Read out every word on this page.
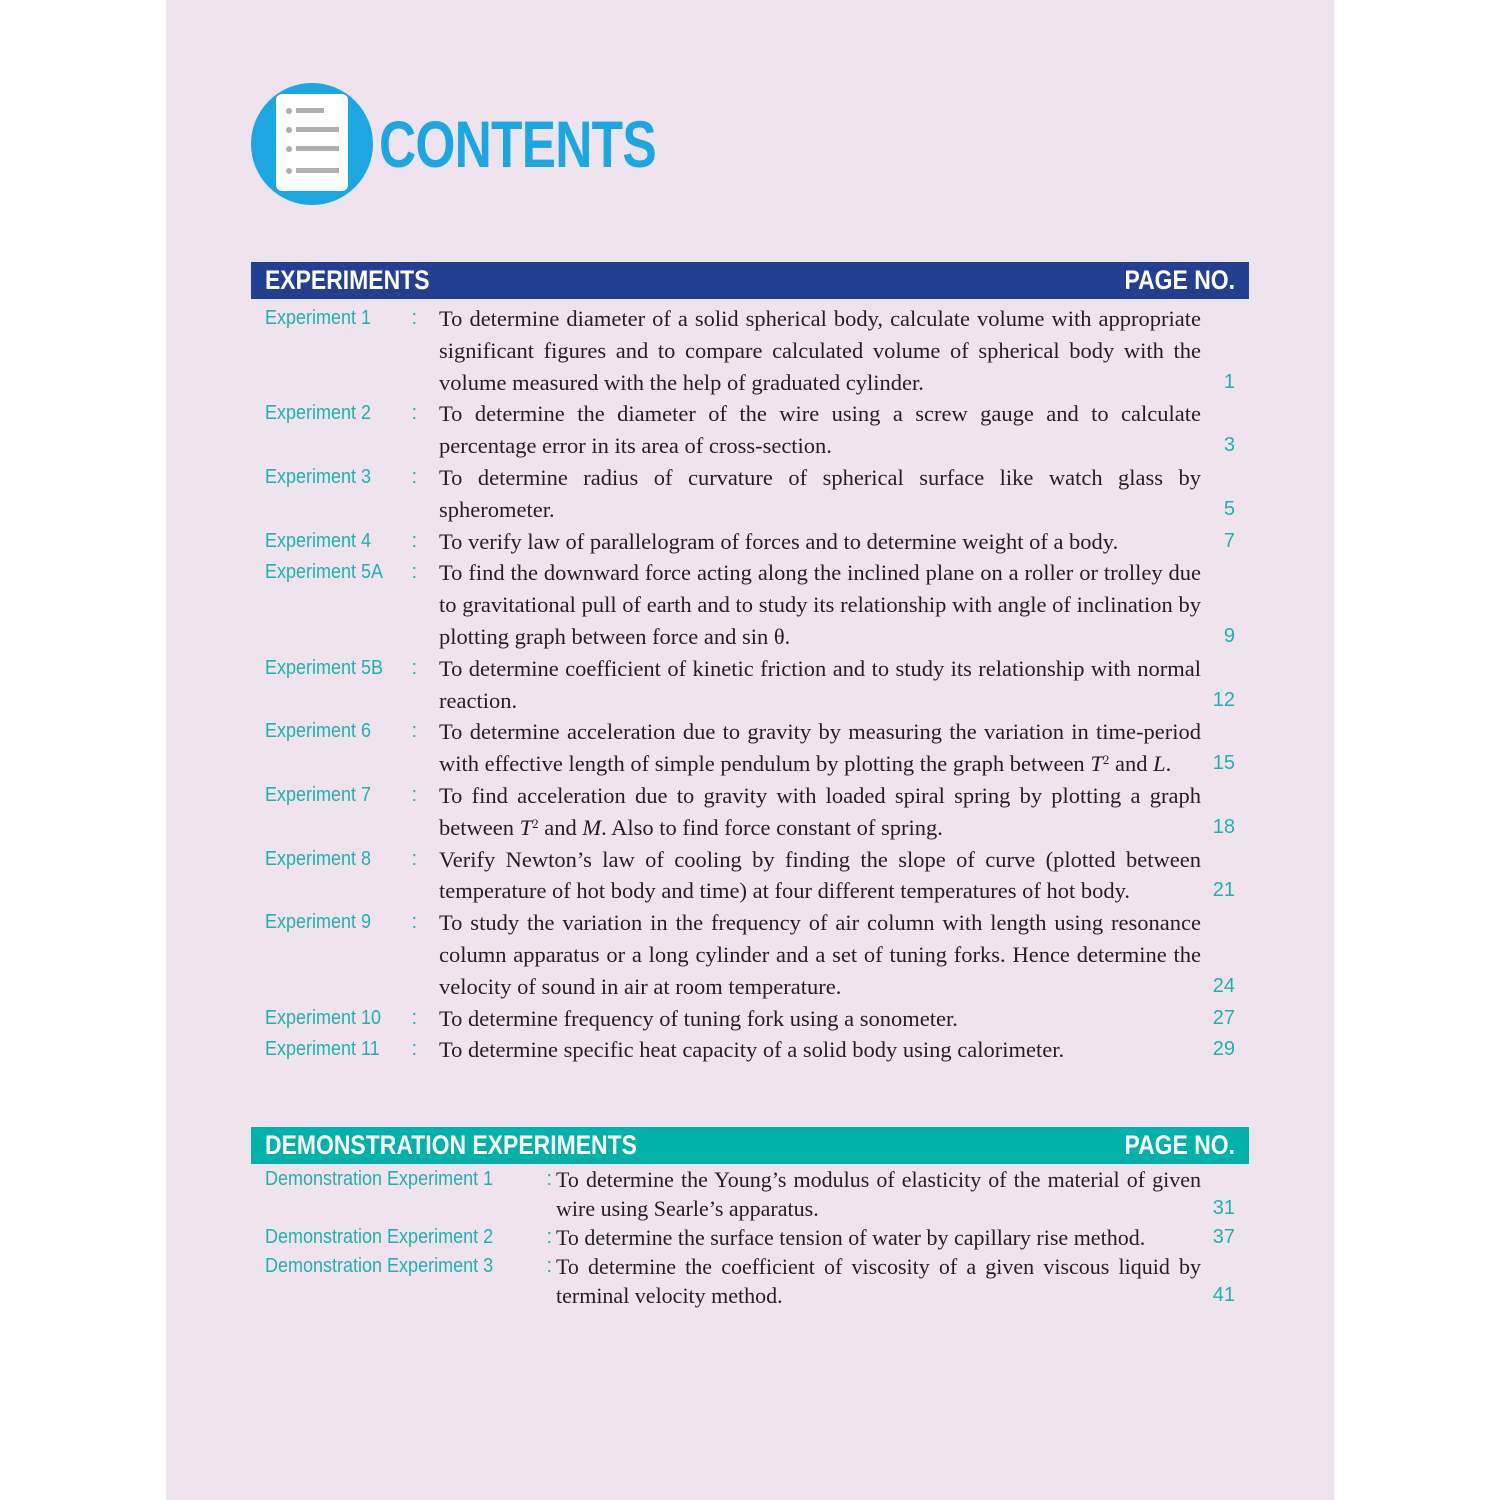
CONTENTS
EXPERIMENTS	PAGE NO.
Experiment 1 : To determine diameter of a solid spherical body, calculate volume with appropriate significant figures and to compare calculated volume of spherical body with the volume measured with the help of graduated cylinder.	1
Experiment 2 : To determine the diameter of the wire using a screw gauge and to calculate percentage error in its area of cross-section.	3
Experiment 3 : To determine radius of curvature of spherical surface like watch glass by spherometer.	5
Experiment 4 : To verify law of parallelogram of forces and to determine weight of a body.	7
Experiment 5A : To find the downward force acting along the inclined plane on a roller or trolley due to gravitational pull of earth and to study its relationship with angle of inclination by plotting graph between force and sin θ.	9
Experiment 5B : To determine coefficient of kinetic friction and to study its relationship with normal reaction.	12
Experiment 6 : To determine acceleration due to gravity by measuring the variation in time-period with effective length of simple pendulum by plotting the graph between $T^2$ and L. 15
Experiment 7 : To find acceleration due to gravity with loaded spiral spring by plotting a graph between $T^2$ and M. Also to find force constant of spring.	18
Experiment 8 : Verify Newton’s law of cooling by finding the slope of curve (plotted between temperature of hot body and time) at four different temperatures of hot body.	21
Experiment 9 : To study the variation in the frequency of air column with length using resonance column apparatus or a long cylinder and a set of tuning forks. Hence determine the velocity of sound in air at room temperature.	24
Experiment 10 : To determine frequency of tuning fork using a sonometer.	27
Experiment 11 : To determine specific heat capacity of a solid body using calorimeter.	29
DEMONSTRATION EXPERIMENTS	PAGE NO.
Demonstration Experiment 1	: To determine the Young’s modulus of elasticity of the material of given wire using Searle’s apparatus.	31
Demonstration Experiment 2	: To determine the surface tension of water by capillary rise method.	37
Demonstration Experiment 3	: To determine the coefficient of viscosity of a given viscous liquid by terminal velocity method.	41
